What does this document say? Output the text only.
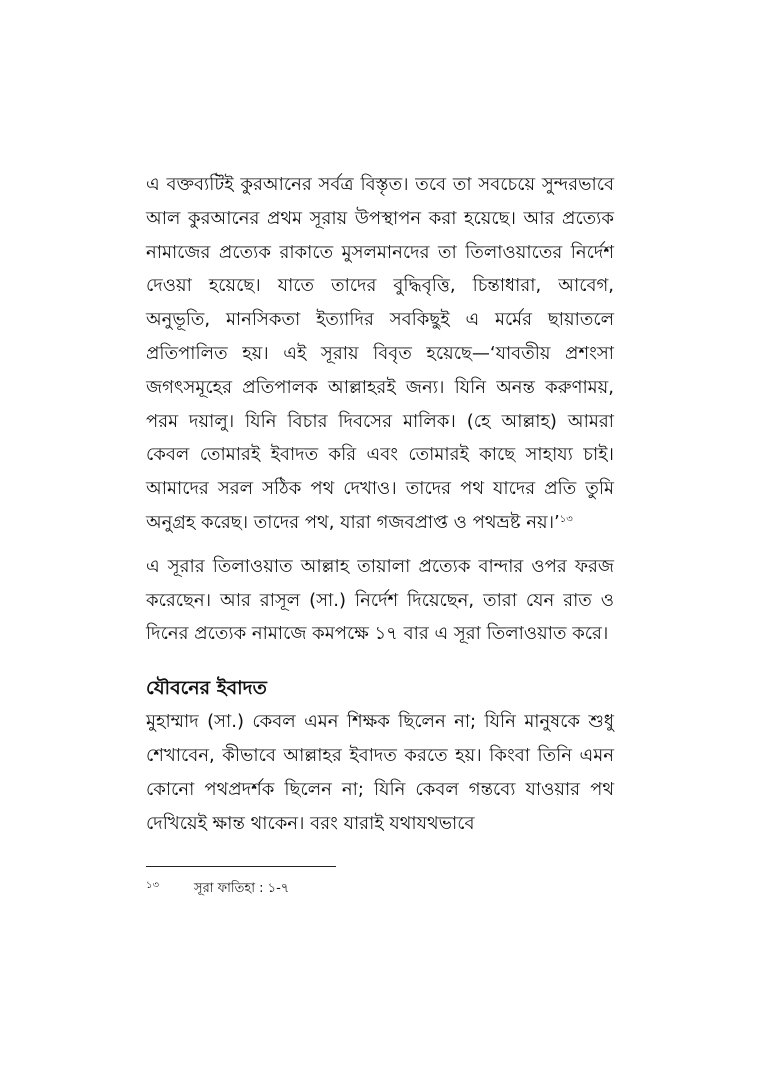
এ বক্তব্যটিই কুরআনের সর্বত্র বিস্তৃত। তবে তা সবচেয়ে সুন্দরভাবে আল কুরআনের প্রথম সূরায় উপস্থাপন করা হয়েছে। আর প্রত্যেক নামাজের প্রত্যেক রাকাতে মুসলমানদের তা তিলাওয়াতের নির্দেশ দেওয়া হয়েছে। যাতে তাদের বুদ্ধিবৃত্তি, চিন্তাধারা, আবেগ, অনুভূতি, মানসিকতা ইত্যাদির সবকিছুই এ মর্মের ছায়াতলে প্রতিপালিত হয়। এই সূরায় বিবৃত হয়েছে—‘যাবতীয় প্রশংসা জগৎসমূহের প্রতিপালক আল্লাহরই জন্য। যিনি অনন্ত করুণাময়, পরম দয়ালু। যিনি বিচার দিবসের মালিক। (হে আল্লাহ) আমরা কেবল তোমারই ইবাদত করি এবং তোমারই কাছে সাহায্য চাই। আমাদের সরল সঠিক পথ দেখাও। তাদের পথ যাদের প্রতি তুমি অনুগ্রহ করেছ। তাদের পথ, যারা গজবপ্রাপ্ত ও পথভ্রষ্ট নয়।’$^{১৩}$

এ সূরার তিলাওয়াত আল্লাহ তায়ালা প্রত্যেক বান্দার ওপর ফরজ করেছেন। আর রাসূল (সা.) নির্দেশ দিয়েছেন, তারা যেন রাত ও দিনের প্রত্যেক নামাজে কমপক্ষে ১৭ বার এ সূরা তিলাওয়াত করে।

যৌবনের ইবাদত

মুহাম্মাদ (সা.) কেবল এমন শিক্ষক ছিলেন না; যিনি মানুষকে শুধু শেখাবেন, কীভাবে আল্লাহর ইবাদত করতে হয়। কিংবা তিনি এমন কোনো পথপ্রদর্শক ছিলেন না; যিনি কেবল গন্তব্যে যাওয়ার পথ দেখিয়েই ক্ষান্ত থাকেন। বরং যারাই যথাযথভাবে

১৩	সূরা ফাতিহা : ১-৭
